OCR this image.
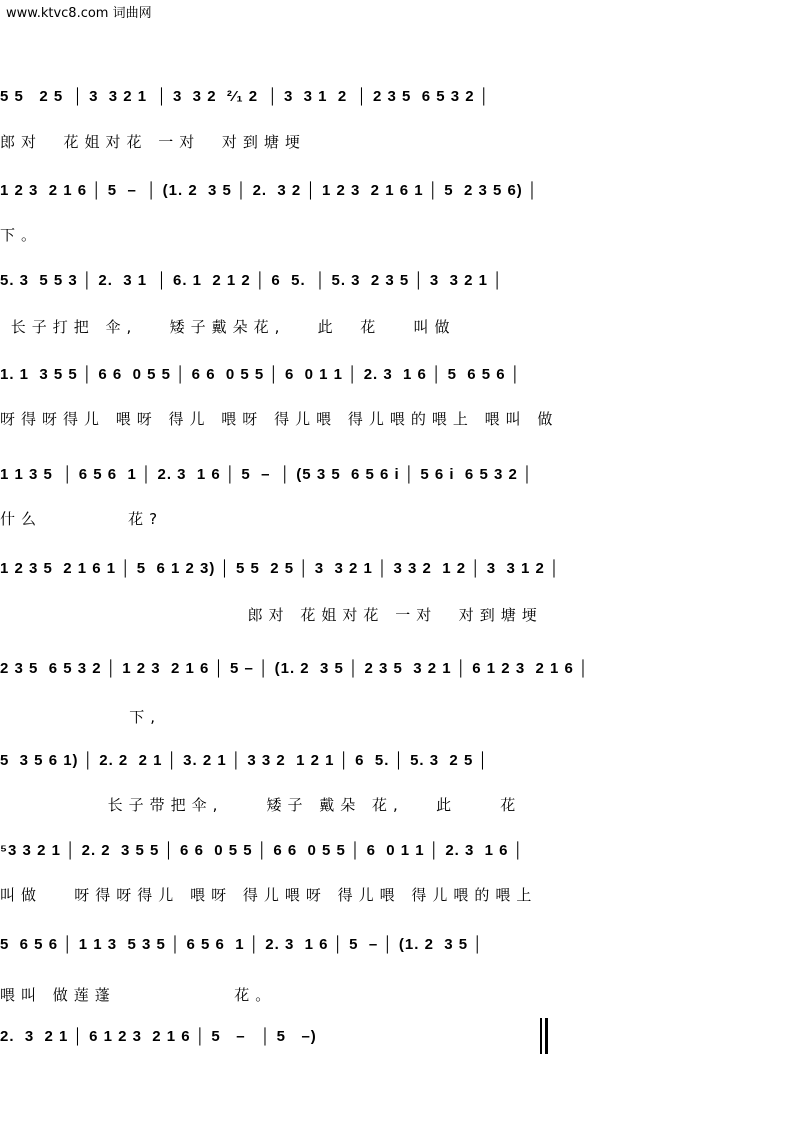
www.ktvc8.com 词曲网
5 5   2 5  │ 3  3 2 1  │ 3  3 2  ²⁄₁ 2  │ 3  3 1  2  │ 2 3 5  6 5 3 2 │
郎对  花姐对花 一对  对到塘埂
1 2 3  2 1 6 │ 5  –  │ (1. 2  3 5 │ 2.  3 2 │ 1 2 3  2 1 6 1 │ 5  2 3 5 6) │
下。
5. 3  5 5 3 │ 2.  3 1  │ 6. 1  2 1 2 │ 6  5.  │ 5. 3  2 3 5 │ 3  3 2 1 │
长子打把 伞,   矮子戴朵花,   此  花   叫做
1. 1  3 5 5 │ 6 6  0 5 5 │ 6 6  0 5 5 │ 6  0 1 1 │ 2. 3  1 6 │ 5  6 5 6 │
呀得呀得儿 喂呀 得儿 喂呀 得儿喂 得儿喂的喂上 喂叫 做
1 1 3 5  │ 6 5 6  1 │ 2. 3  1 6 │ 5  –  │ (5 3 5  6 5 6 i │ 5 6 i  6 5 3 2 │
什么        花?
1 2 3 5  2 1 6 1 │ 5  6 1 2 3) │ 5 5  2 5 │ 3  3 2 1 │ 3 3 2  1 2 │ 3  3 1 2 │
郎对 花姐对花 一对  对到塘埂
2 3 5  6 5 3 2 │ 1 2 3  2 1 6 │ 5 – │ (1. 2  3 5 │ 2 3 5  3 2 1 │ 6 1 2 3  2 1 6 │
下,
5  3 5 6 1) │ 2. 2  2 1 │ 3. 2 1 │ 3 3 2  1 2 1 │ 6  5. │ 5. 3  2 5 │
长子带把伞,    矮子 戴朵 花,   此    花
⁵3 3 2 1 │ 2. 2  3 5 5 │ 6 6  0 5 5 │ 6 6  0 5 5 │ 6  0 1 1 │ 2. 3  1 6 │
叫做   呀得呀得儿 喂呀 得儿喂呀 得儿喂 得儿喂的喂上
5  6 5 6 │ 1 1 3  5 3 5 │ 6 5 6  1 │ 2. 3  1 6 │ 5  – │ (1. 2  3 5 │
喂叫 做莲蓬           花。
2.  3  2 1 │ 6 1 2 3  2 1 6 │ 5   –   │ 5   –)
